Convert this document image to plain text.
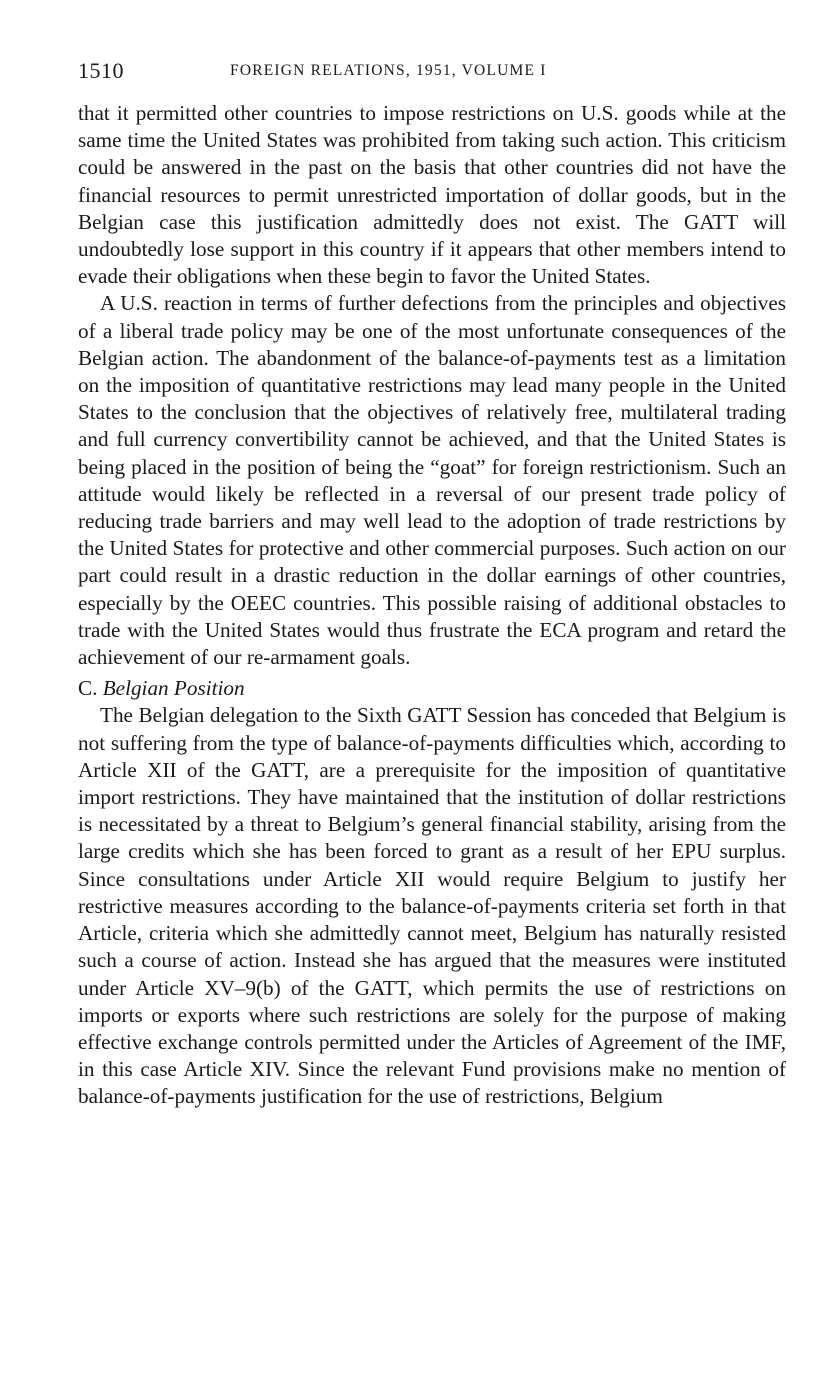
1510	FOREIGN RELATIONS, 1951, VOLUME I

that it permitted other countries to impose restrictions on U.S. goods while at the same time the United States was prohibited from taking such action. This criticism could be answered in the past on the basis that other countries did not have the financial resources to permit unrestricted importation of dollar goods, but in the Belgian case this justification admittedly does not exist. The GATT will undoubtedly lose support in this country if it appears that other members intend to evade their obligations when these begin to favor the United States.

A U.S. reaction in terms of further defections from the principles and objectives of a liberal trade policy may be one of the most unfortunate consequences of the Belgian action. The abandonment of the balance-of-payments test as a limitation on the imposition of quantitative restrictions may lead many people in the United States to the conclusion that the objectives of relatively free, multilateral trading and full currency convertibility cannot be achieved, and that the United States is being placed in the position of being the “goat” for foreign restrictionism. Such an attitude would likely be reflected in a reversal of our present trade policy of reducing trade barriers and may well lead to the adoption of trade restrictions by the United States for protective and other commercial purposes. Such action on our part could result in a drastic reduction in the dollar earnings of other countries, especially by the OEEC countries. This possible raising of additional obstacles to trade with the United States would thus frustrate the ECA program and retard the achievement of our re-armament goals.

C. Belgian Position

The Belgian delegation to the Sixth GATT Session has conceded that Belgium is not suffering from the type of balance-of-payments difficulties which, according to Article XII of the GATT, are a prerequisite for the imposition of quantitative import restrictions. They have maintained that the institution of dollar restrictions is necessitated by a threat to Belgium’s general financial stability, arising from the large credits which she has been forced to grant as a result of her EPU surplus. Since consultations under Article XII would require Belgium to justify her restrictive measures according to the balance-of-payments criteria set forth in that Article, criteria which she admittedly cannot meet, Belgium has naturally resisted such a course of action. Instead she has argued that the measures were instituted under Article XV–9(b) of the GATT, which permits the use of restrictions on imports or exports where such restrictions are solely for the purpose of making effective exchange controls permitted under the Articles of Agreement of the IMF, in this case Article XIV. Since the relevant Fund provisions make no mention of balance-of-payments justification for the use of restrictions, Belgium
